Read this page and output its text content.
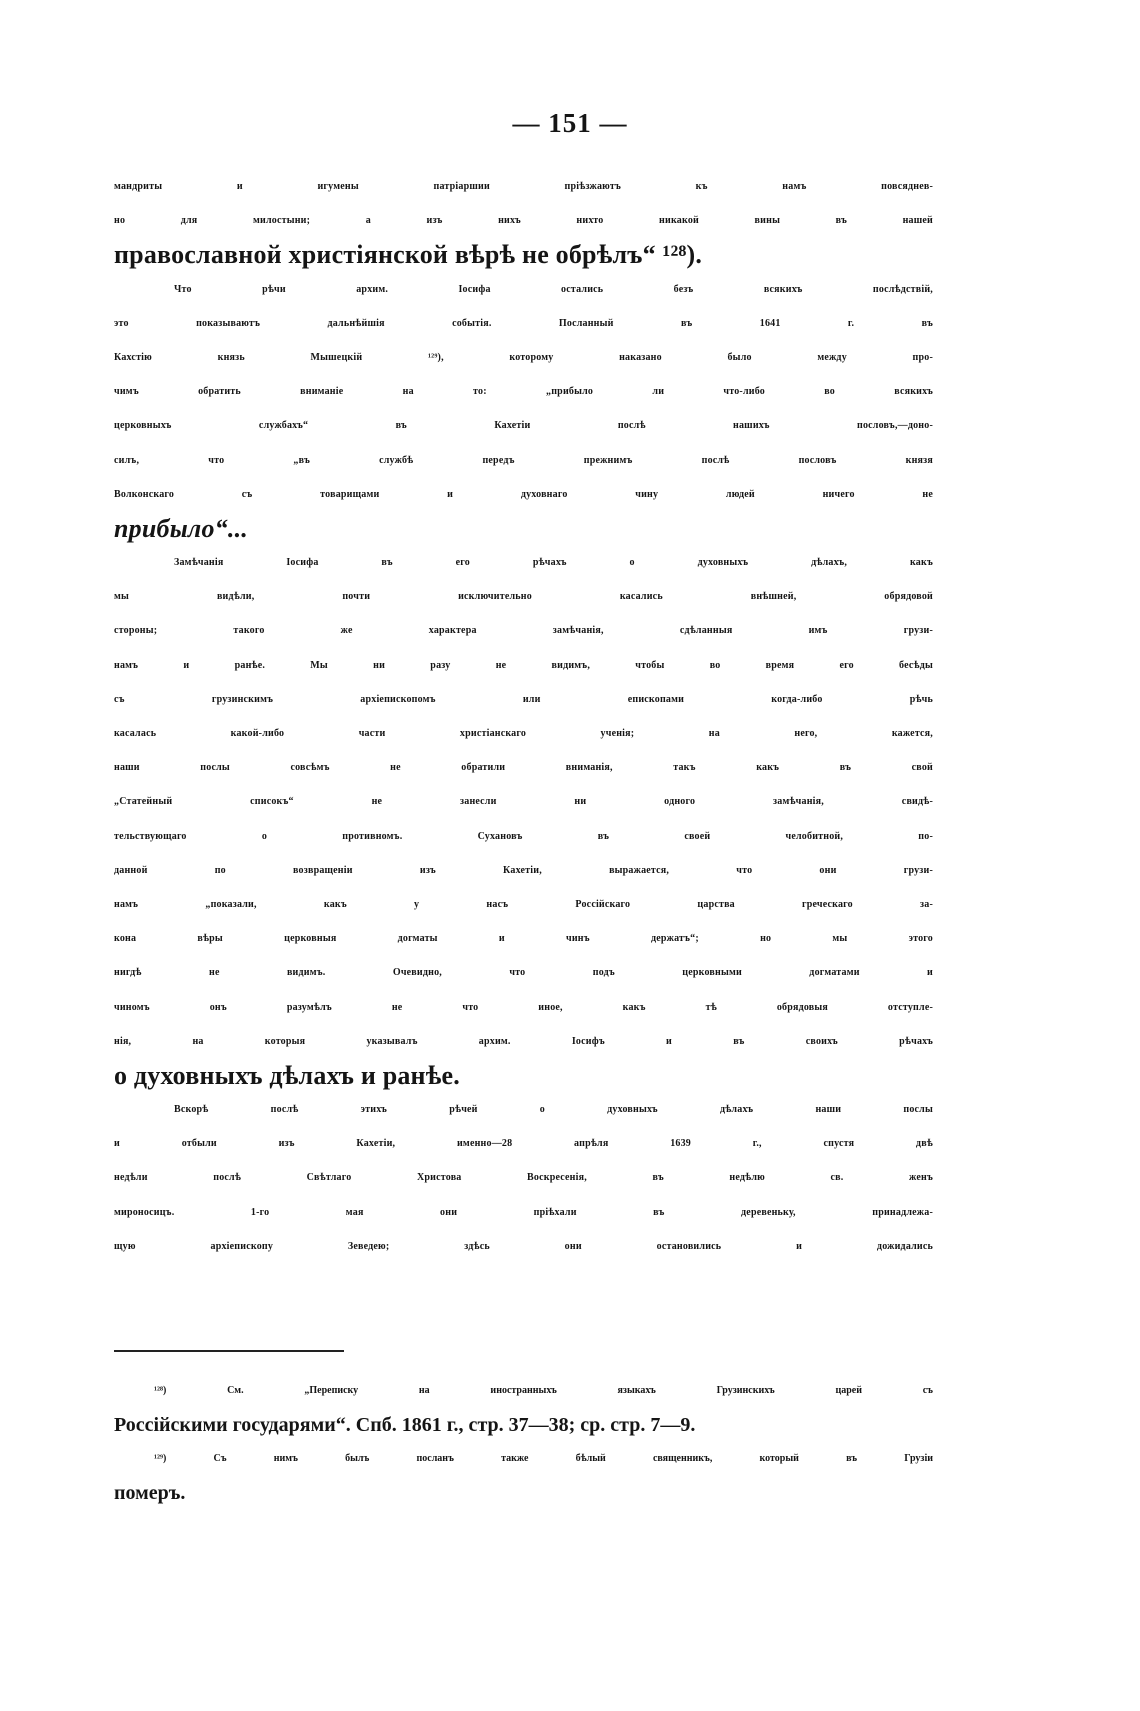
— 151 —
мандриты и игумены патріаршии пріѣзжаютъ къ намъ повсяднев-
но для милостыни; а изъ нихъ нихто никакой вины въ нашей
православной христіянской вѣрѣ не обрѣлъ“ ¹²⁸).
Что рѣчи архим. Іосифа остались безъ всякихъ послѣдствій,
это показываютъ дальнѣйшія событія. Посланный въ 1641 г. въ
Кахстію князь Мышецкій ¹²⁹), которому наказано было между про-
чимъ обратить вниманіе на то: „прибыло ли что-либо во всякихъ
церковныхъ службахъ“ въ Кахетіи послѣ нашихъ пословъ,—доно-
силъ, что „въ службѣ передъ прежнимъ послѣ пословъ князя
Волконскаго съ товарищами и духовнаго чину людей ничего не
прибыло“...
Замѣчанія Іосифа въ его рѣчахъ о духовныхъ дѣлахъ, какъ
мы видѣли, почти исключительно касались внѣшней, обрядовой
стороны; такого же характера замѣчанія, сдѣланныя имъ грузи-
намъ и ранѣе. Мы ни разу не видимъ, чтобы во время его бесѣды
съ грузинскимъ архіепископомъ или епископами когда-либо рѣчь
касалась какой-либо части христіанскаго ученія; на него, кажется,
наши послы совсѣмъ не обратили вниманія, такъ какъ въ свой
„Статейный списокъ“ не занесли ни одного замѣчанія, свидѣ-
тельствующаго о противномъ. Сухановъ въ своей челобитной, по-
данной по возвращеніи изъ Кахетіи, выражается, что они грузи-
намъ „показали, какъ у насъ Россійскаго царства греческаго за-
кона вѣры церковныя догматы и чинъ держатъ“; но мы этого
нигдѣ не видимъ. Очевидно, что подъ церковными догматами и
чиномъ онъ разумѣлъ не что иное, какъ тѣ обрядовыя отступле-
нія, на которыя указывалъ архим. Іосифъ и въ своихъ рѣчахъ
о духовныхъ дѣлахъ и ранѣе.
Вскорѣ послѣ этихъ рѣчей о духовныхъ дѣлахъ наши послы
и отбыли изъ Кахетіи, именно—28 апрѣля 1639 г., спустя двѣ
недѣли послѣ Свѣтлаго Христова Воскресенія, въ недѣлю св. женъ
мироносицъ. 1-го мая они пріѣхали въ деревеньку, принадлежа-
щую архіепископу Зеведею; здѣсь они остановились и дожидались
¹²⁸) См. „Переписку на иностранныхъ языкахъ Грузинскихъ царей съ
Россійскими государями“. Спб. 1861 г., стр. 37—38; ср. стр. 7—9.
¹²⁹) Съ нимъ былъ посланъ также бѣлый священникъ, который въ Грузіи
померъ.
